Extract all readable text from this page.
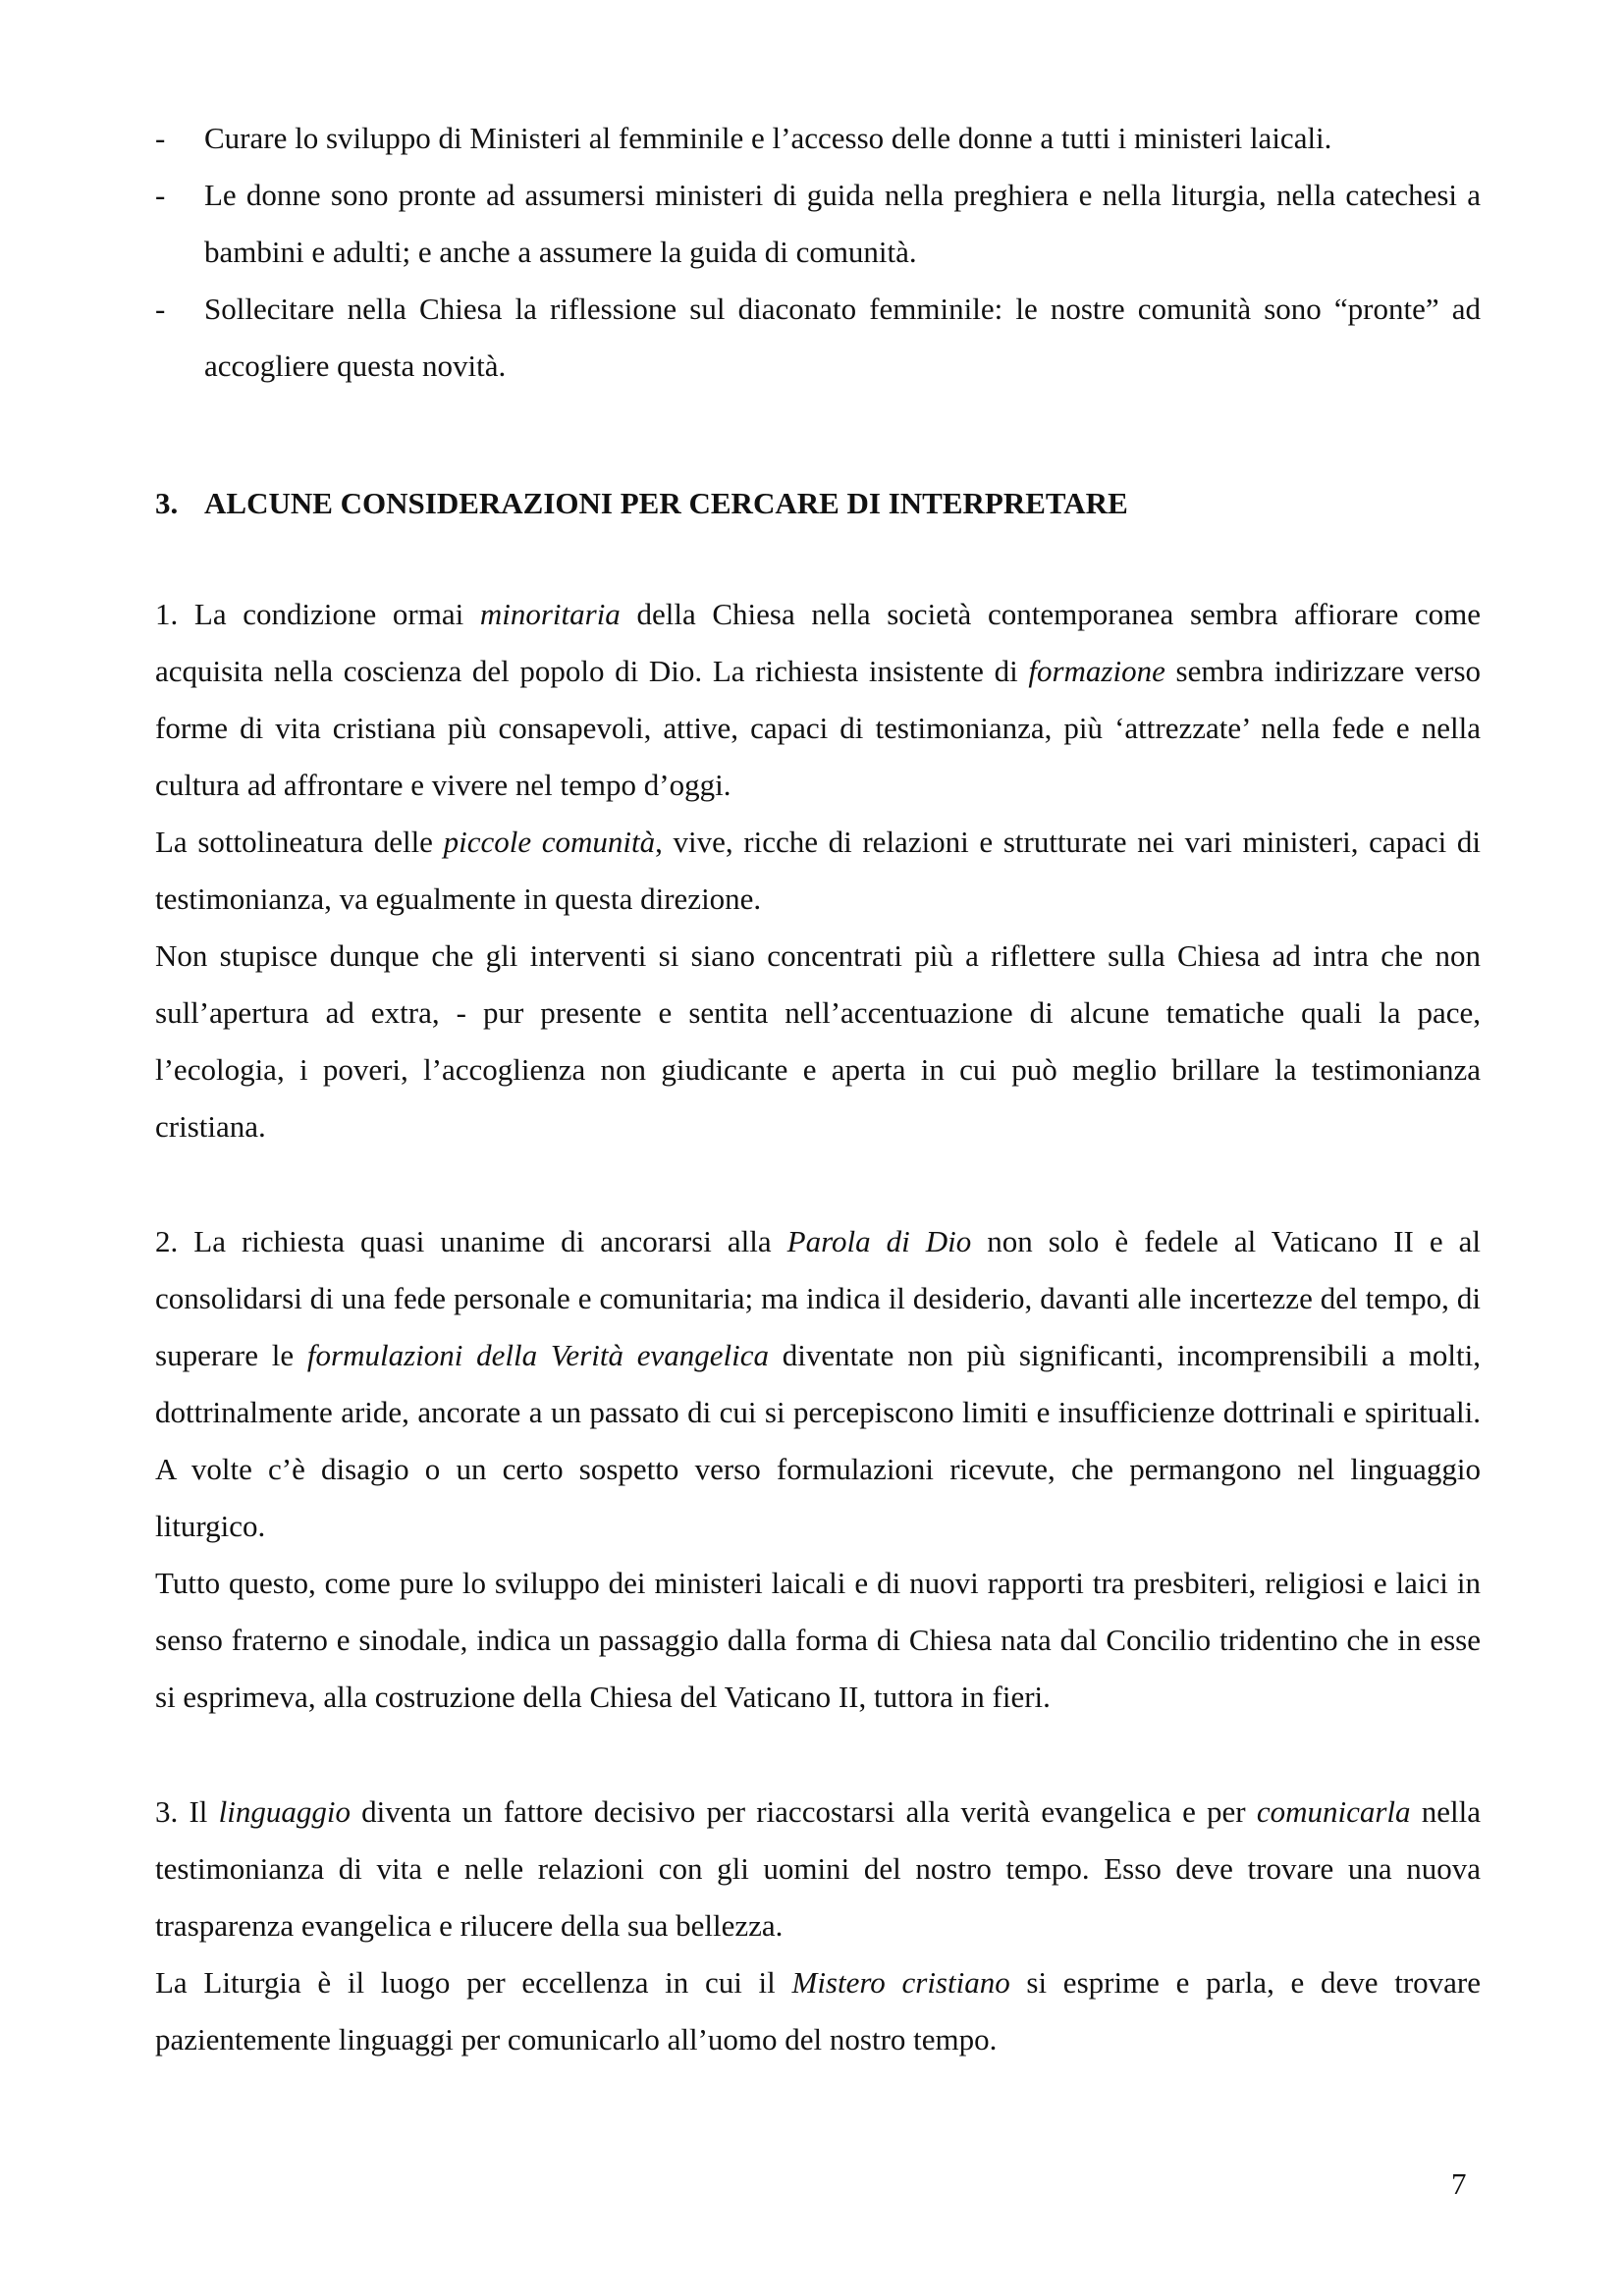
- Curare lo sviluppo di Ministeri al femminile e l’accesso delle donne a tutti i ministeri laicali.
- Le donne sono pronte ad assumersi ministeri di guida nella preghiera e nella liturgia, nella catechesi a bambini e adulti; e anche a assumere la guida di comunità.
- Sollecitare nella Chiesa la riflessione sul diaconato femminile: le nostre comunità sono “pronte” ad accogliere questa novità.
3. ALCUNE CONSIDERAZIONI PER CERCARE DI INTERPRETARE

1. La condizione ormai minoritaria della Chiesa nella società contemporanea sembra affiorare come acquisita nella coscienza del popolo di Dio. La richiesta insistente di formazione sembra indirizzare verso forme di vita cristiana più consapevoli, attive, capaci di testimonianza, più ‘attrezzate’ nella fede e nella cultura ad affrontare e vivere nel tempo d’oggi.

La sottolineatura delle piccole comunità, vive, ricche di relazioni e strutturate nei vari ministeri, capaci di testimonianza, va egualmente in questa direzione.

Non stupisce dunque che gli interventi si siano concentrati più a riflettere sulla Chiesa ad intra che non sull’apertura ad extra, - pur presente e sentita nell’accentuazione di alcune tematiche quali la pace, l’ecologia, i poveri, l’accoglienza non giudicante e aperta in cui può meglio brillare la testimonianza cristiana.

2. La richiesta quasi unanime di ancorarsi alla Parola di Dio non solo è fedele al Vaticano II e al consolidarsi di una fede personale e comunitaria; ma indica il desiderio, davanti alle incertezze del tempo, di superare le formulazioni della Verità evangelica diventate non più significanti, incomprensibili a molti, dottrinalmente aride, ancorate a un passato di cui si percepiscono limiti e insufficienze dottrinali e spirituali. A volte c’è disagio o un certo sospetto verso formulazioni ricevute, che permangono nel linguaggio liturgico.

Tutto questo, come pure lo sviluppo dei ministeri laicali e di nuovi rapporti tra presbiteri, religiosi e laici in senso fraterno e sinodale, indica un passaggio dalla forma di Chiesa nata dal Concilio tridentino che in esse si esprimeva, alla costruzione della Chiesa del Vaticano II, tuttora in fieri.

3. Il linguaggio diventa un fattore decisivo per riaccostarsi alla verità evangelica e per comunicarla nella testimonianza di vita e nelle relazioni con gli uomini del nostro tempo. Esso deve trovare una nuova trasparenza evangelica e rilucere della sua bellezza.

La Liturgia è il luogo per eccellenza in cui il Mistero cristiano si esprime e parla, e deve trovare pazientemente linguaggi per comunicarlo all’uomo del nostro tempo.

7
